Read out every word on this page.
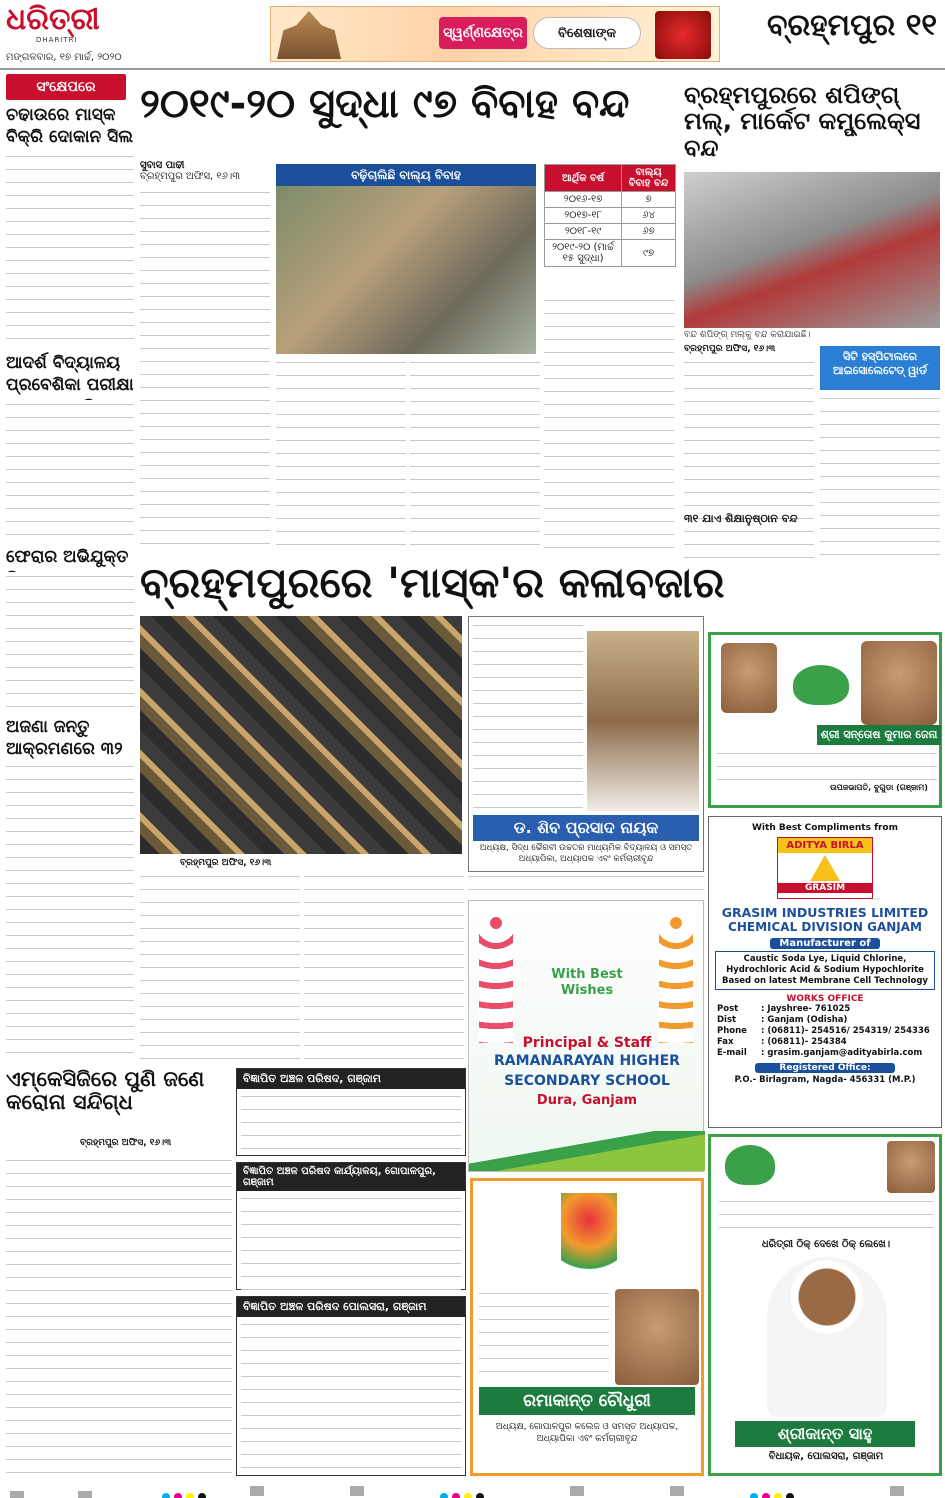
ଧରିତ୍ରୀ
DHARITRI
ମଙ୍ଗଳବାର, ୧୭ ମାର୍ଚ୍ଚ, ୨୦୨୦
ସ୍ୱର୍ଣ୍ଣକ୍ଷେତ୍ର	ବିଶେଷାଙ୍କ	ବ୍ରହ୍ମପୁର ୧୧
ସଂକ୍ଷେପରେ
ଚଢାଉରେ ମାସ୍କ ବିକ୍ରି ଦୋକାନ ସିଲ
ଆଦର୍ଶ ବିଦ୍ୟାଳୟ ପ୍ରବେଶିକା ପରୀକ୍ଷା
ଫେରାର ଅଭିଯୁକ୍ତ
ଅଜଣା ଜନ୍ତୁ ଆକ୍ରମଣରେ ୩୨
୨୦୧୯-୨୦ ସୁଦ୍ଧା ୯୭ ବିବାହ ବନ୍ଦ
ସୁବାସ ପାଢୀ
ବ୍ରହ୍ମପୁର ଅଫିସ, ୧୬।୩	ବଢ଼ିଚାଲିଛି ବାଲ୍ୟ ବିବାହ	ଆର୍ଥିକ ବର୍ଷ	ବାଲ୍ୟ ବିବାହ ବନ୍ଦ
୨୦୧୬-୧୭	୭
୨୦୧୭-୧୮	୬୪
୨୦୧୮-୧୯	୬୭
୨୦୧୯-୨୦ (ମାର୍ଚ୍ଚ ୧୫ ସୁଦ୍ଧା)	୯୭
ବ୍ରହ୍ମପୁରରେ ଶପିଙ୍ଗ୍ ମଲ୍, ମାର୍କେଟ କମ୍ପ୍ଲେକ୍ସ ବନ୍ଦ
ବନ୍ଦ ଶପିଙ୍ଗ୍ ମଲ୍କୁ ବନ୍ଦ କରାଯାଇଛି।
ବ୍ରହ୍ମପୁର ଅଫିସ, ୧୬।୩
ସିଟି ହସ୍ପିଟାଲରେ ଆଇସୋଲେଟେଡ୍ ୱାର୍ଡ
୩୧ ଯାଏ ଶିକ୍ଷାନୁଷ୍ଠାନ ବନ୍ଦ
ବ୍ରହ୍ମପୁରରେ 'ମାସ୍କ'ର କଳାବଜାର
ବ୍ରହ୍ମପୁର ଅଫିସ, ୧୬।୩
ଡ. ଶିବ ପ୍ରସାଦ ନାୟକ
ଅଧ୍ୟକ୍ଷ, ସିଦ୍ଧ ଭୈରବୀ ଉଚ୍ଚତର ମାଧ୍ୟମିକ ବିଦ୍ୟାଳୟ ଓ ସମସ୍ତ ଅଧ୍ୟାପିକା, ଅଧ୍ୟାପକ ଏବଂ କର୍ମଚାରୀବୃନ୍ଦ
ଶ୍ରୀ ସନ୍ତୋଷ କୁମାର ଜେନା
ଉପଜଭାପତି, ବୁଗୁଡା (ଗଞ୍ଜାମ)
With Best Compliments from
ADITYA BIRLA
GRASIM
GRASIM INDUSTRIES LIMITED
CHEMICAL DIVISION GANJAM
Manufacturer of
Caustic Soda Lye, Liquid Chlorine, Hydrochloric Acid & Sodium Hypochlorite Based on latest Membrane Cell Technology
WORKS OFFICE
Post	: Jayshree- 761025
Dist	: Ganjam (Odisha)
Phone : (06811)- 254516/ 254319/ 254336
Fax	: (06811)- 254384
E-mail : grasim.ganjam@adityabirla.com
Registered Office:
P.O.- Birlagram, Nagda- 456331 (M.P.)
With Best Wishes
Principal & Staff
RAMANARAYAN HIGHER
SECONDARY SCHOOL
Dura, Ganjam
ଏମ୍କେସିଜିରେ ପୁଣି ଜଣେ କରୋନା ସନ୍ଦିଗ୍ଧ
ବ୍ରହ୍ମପୁର ଅଫିସ, ୧୬।୩
ବିଜ୍ଞାପିତ ଅଞ୍ଚଳ ପରିଷଦ, ଗଞ୍ଜାମ
ବିଜ୍ଞାପିତ ଅଞ୍ଚଳ ପରିଷଦ କାର୍ଯ୍ୟାଳୟ, ଗୋପାଳପୁର, ଗଞ୍ଜାମ
ବିଜ୍ଞାପିତ ଅଞ୍ଚଳ ପରିଷଦ ପୋଲସରା, ଗଞ୍ଜାମ
ରମାକାନ୍ତ ଚୌଧୁରୀ
ଅଧ୍ୟକ୍ଷ, ଗୋପାଳପୁର କଲେଜ ଓ ସମସ୍ତ ଅଧ୍ୟାପକ, ଅଧ୍ୟାପିକା ଏବଂ କର୍ମଚାରୀବୃନ୍ଦ
ଧରିତ୍ରୀ ଠିକ୍ ଦେଖେ ଠିକ୍ ଲେଖେ।
ଶ୍ରୀକାନ୍ତ ସାହୁ
ବିଧାୟକ, ପୋଲସରା, ଗଞ୍ଜାମ
